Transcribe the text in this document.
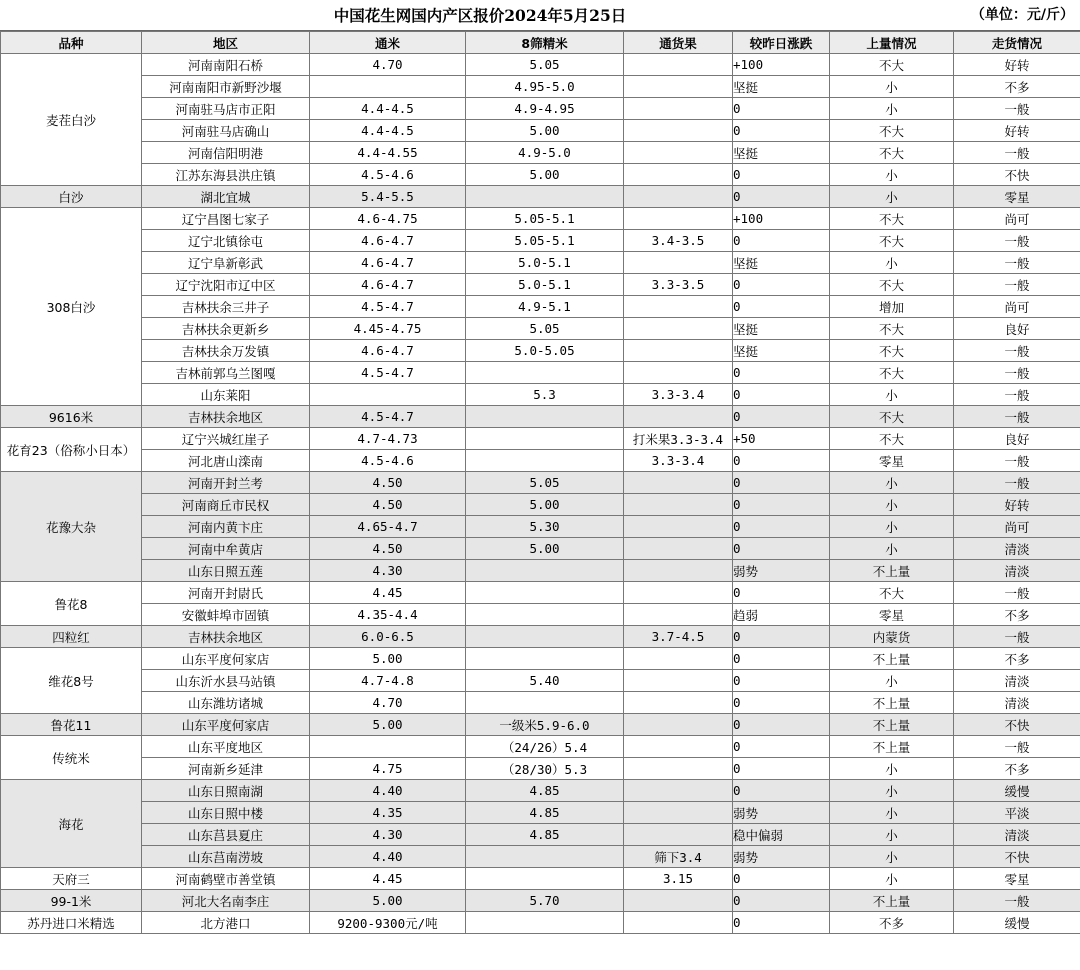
中国花生网国内产区报价2024年5月25日	（单位：元/斤）
品种	地区	通米	8筛精米	通货果	较昨日涨跌	上量情况	走货情况
麦茬白沙	河南南阳石桥	4.70	5.05		+100	不大	好转
	河南南阳市新野沙堰		4.95-5.0		坚挺	小	不多
	河南驻马店市正阳	4.4-4.5	4.9-4.95		0	小	一般
	河南驻马店确山	4.4-4.5	5.00		0	不大	好转
	河南信阳明港	4.4-4.55	4.9-5.0		坚挺	不大	一般
	江苏东海县洪庄镇	4.5-4.6	5.00		0	小	不快
白沙	湖北宜城	5.4-5.5			0	小	零星
308白沙	辽宁昌图七家子	4.6-4.75	5.05-5.1		+100	不大	尚可
	辽宁北镇徐屯	4.6-4.7	5.05-5.1	3.4-3.5	0	不大	一般
	辽宁阜新彰武	4.6-4.7	5.0-5.1		坚挺	小	一般
	辽宁沈阳市辽中区	4.6-4.7	5.0-5.1	3.3-3.5	0	不大	一般
	吉林扶余三井子	4.5-4.7	4.9-5.1		0	增加	尚可
	吉林扶余更新乡	4.45-4.75	5.05		坚挺	不大	良好
	吉林扶余万发镇	4.6-4.7	5.0-5.05		坚挺	不大	一般
	吉林前郭乌兰图嘎	4.5-4.7			0	不大	一般
	山东莱阳		5.3	3.3-3.4	0	小	一般
9616米	吉林扶余地区	4.5-4.7			0	不大	一般
花育23（俗称小日本）	辽宁兴城红崖子	4.7-4.73		打米果3.3-3.4	+50	不大	良好
	河北唐山滦南	4.5-4.6		3.3-3.4	0	零星	一般
花豫大杂	河南开封兰考	4.50	5.05		0	小	一般
	河南商丘市民权	4.50	5.00		0	小	好转
	河南内黄卞庄	4.65-4.7	5.30		0	小	尚可
	河南中牟黄店	4.50	5.00		0	小	清淡
	山东日照五莲	4.30			弱势	不上量	清淡
鲁花8	河南开封尉氏	4.45			0	不大	一般
	安徽蚌埠市固镇	4.35-4.4			趋弱	零星	不多
四粒红	吉林扶余地区	6.0-6.5		3.7-4.5	0	内蒙货	一般
维花8号	山东平度何家店	5.00			0	不上量	不多
	山东沂水县马站镇	4.7-4.8	5.40		0	小	清淡
	山东潍坊诸城	4.70			0	不上量	清淡
鲁花11	山东平度何家店	5.00	一级米5.9-6.0		0	不上量	不快
传统米	山东平度地区		（24/26）5.4		0	不上量	一般
	河南新乡延津	4.75	（28/30）5.3		0	小	不多
海花	山东日照南湖	4.40	4.85		0	小	缓慢
	山东日照中楼	4.35	4.85		弱势	小	平淡
	山东莒县夏庄	4.30	4.85		稳中偏弱	小	清淡
	山东莒南涝坡	4.40		筛下3.4	弱势	小	不快
天府三	河南鹤壁市善堂镇	4.45		3.15	0	小	零星
99-1米	河北大名南李庄	5.00	5.70		0	不上量	一般
苏丹进口米精选	北方港口	9200-9300元/吨			0	不多	缓慢
